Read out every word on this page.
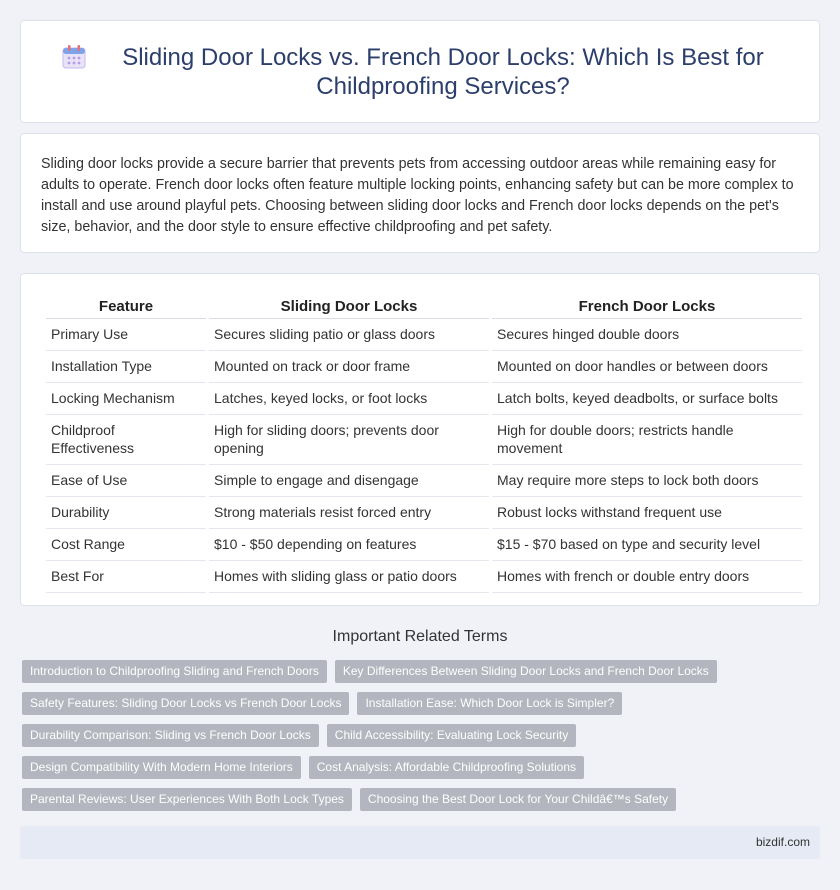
Sliding Door Locks vs. French Door Locks: Which Is Best for Childproofing Services?

Sliding door locks provide a secure barrier that prevents pets from accessing outdoor areas while remaining easy for adults to operate. French door locks often feature multiple locking points, enhancing safety but can be more complex to install and use around playful pets. Choosing between sliding door locks and French door locks depends on the pet's size, behavior, and the door style to ensure effective childproofing and pet safety.

Feature	Sliding Door Locks	French Door Locks
Primary Use	Secures sliding patio or glass doors	Secures hinged double doors
Installation Type	Mounted on track or door frame	Mounted on door handles or between doors
Locking Mechanism	Latches, keyed locks, or foot locks	Latch bolts, keyed deadbolts, or surface bolts
Childproof Effectiveness	High for sliding doors; prevents door opening	High for double doors; restricts handle movement
Ease of Use	Simple to engage and disengage	May require more steps to lock both doors
Durability	Strong materials resist forced entry	Robust locks withstand frequent use
Cost Range	$10 - $50 depending on features	$15 - $70 based on type and security level
Best For	Homes with sliding glass or patio doors	Homes with french or double entry doors
Important Related Terms
Introduction to Childproofing Sliding and French Doors	Key Differences Between Sliding Door Locks and French Door Locks
Safety Features: Sliding Door Locks vs French Door Locks	Installation Ease: Which Door Lock is Simpler?
Durability Comparison: Sliding vs French Door Locks	Child Accessibility: Evaluating Lock Security
Design Compatibility With Modern Home Interiors	Cost Analysis: Affordable Childproofing Solutions
Parental Reviews: User Experiences With Both Lock Types	Choosing the Best Door Lock for Your Childâ€™s Safety
bizdif.com
